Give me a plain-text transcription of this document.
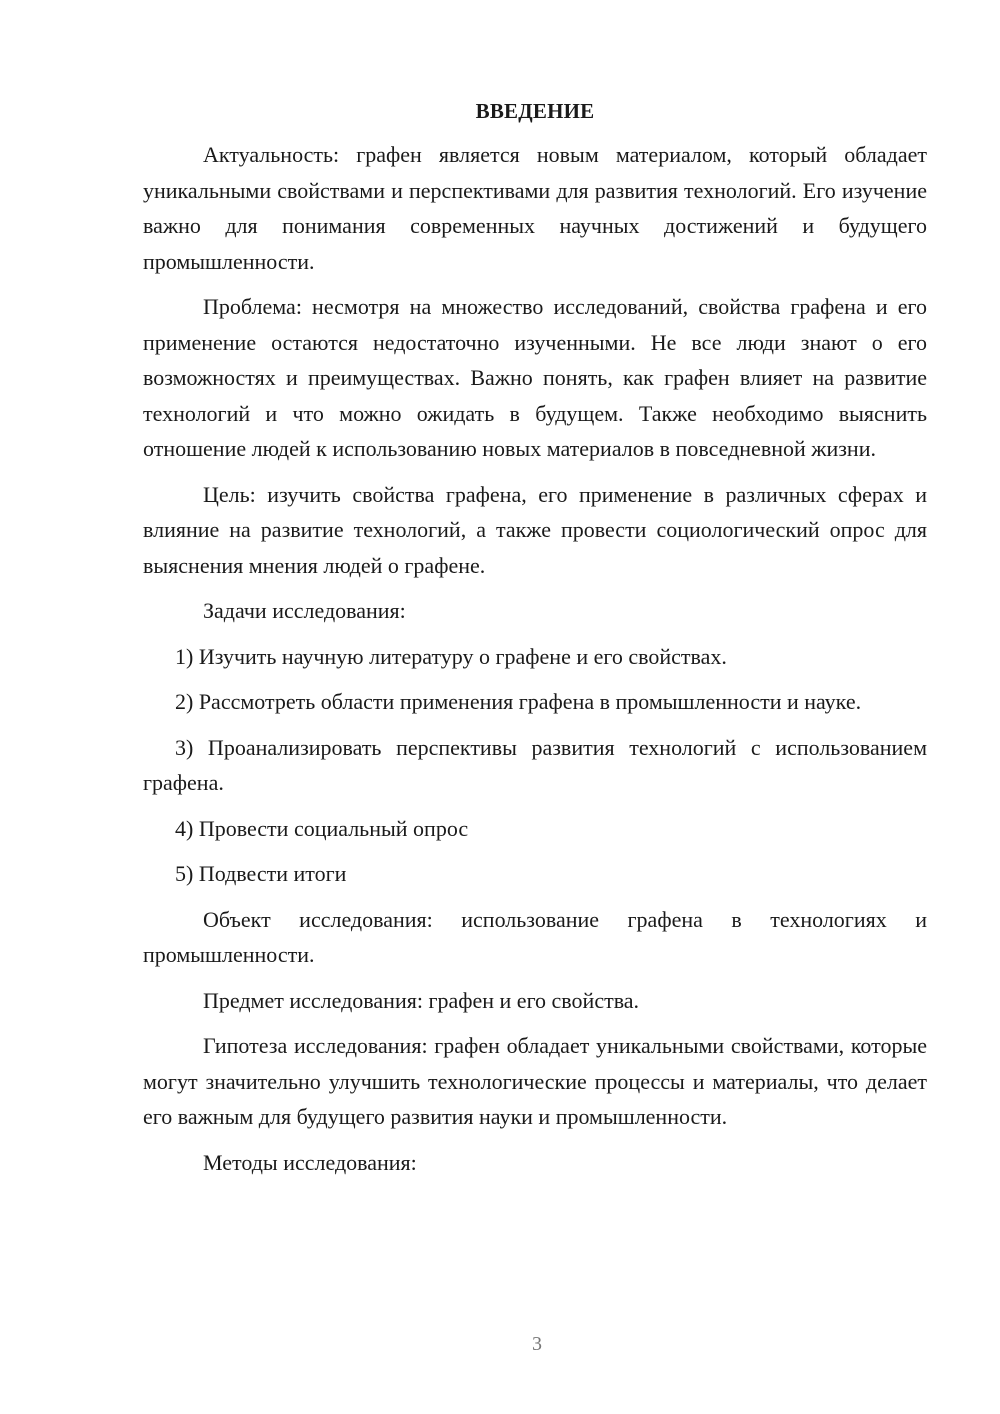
ВВЕДЕНИЕ

Актуальность: графен является новым материалом, который обладает уникальными свойствами и перспективами для развития технологий. Его изучение важно для понимания современных научных достижений и будущего промышленности.

Проблема: несмотря на множество исследований, свойства графена и его применение остаются недостаточно изученными. Не все люди знают о его возможностях и преимуществах. Важно понять, как графен влияет на развитие технологий и что можно ожидать в будущем. Также необходимо выяснить отношение людей к использованию новых материалов в повседневной жизни.

Цель: изучить свойства графена, его применение в различных сферах и влияние на развитие технологий, а также провести социологический опрос для выяснения мнения людей о графене.

Задачи исследования:

1) Изучить научную литературу о графене и его свойствах.

2) Рассмотреть области применения графена в промышленности и науке.

3) Проанализировать перспективы развития технологий с использованием графена.

4) Провести социальный опрос

5) Подвести итоги

Объект исследования: использование графена в технологиях и промышленности.

Предмет исследования: графен и его свойства.

Гипотеза исследования: графен обладает уникальными свойствами, которые могут значительно улучшить технологические процессы и материалы, что делает его важным для будущего развития науки и промышленности.

Методы исследования:

3
